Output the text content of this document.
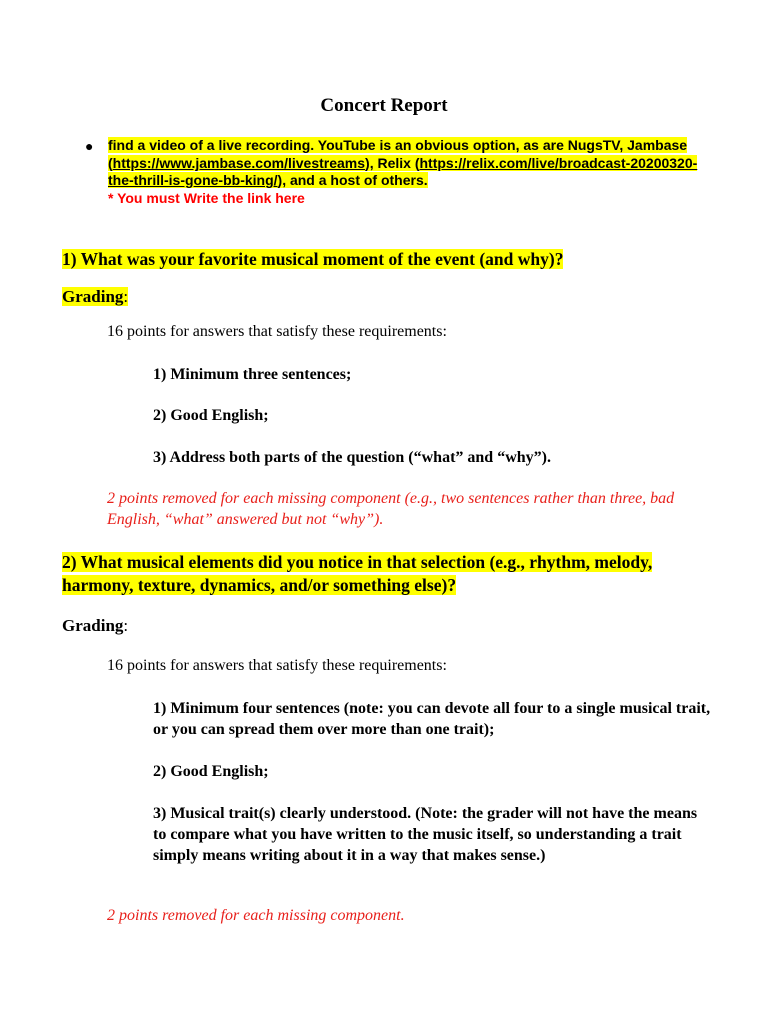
Concert Report
● find a video of a live recording. YouTube is an obvious option, as are NugsTV, Jambase (https://www.jambase.com/livestreams), Relix (https://relix.com/live/broadcast-20200320-the-thrill-is-gone-bb-king/), and a host of others.
* You must Write the link here
1) What was your favorite musical moment of the event (and why)?
Grading:
16 points for answers that satisfy these requirements:
1) Minimum three sentences;
2) Good English;
3) Address both parts of the question (“what” and “why”).
2 points removed for each missing component (e.g., two sentences rather than three, bad English, “what” answered but not “why”).
2) What musical elements did you notice in that selection (e.g., rhythm, melody, harmony, texture, dynamics, and/or something else)?
Grading:
16 points for answers that satisfy these requirements:
1) Minimum four sentences (note: you can devote all four to a single musical trait, or you can spread them over more than one trait);
2) Good English;
3) Musical trait(s) clearly understood. (Note: the grader will not have the means to compare what you have written to the music itself, so understanding a trait simply means writing about it in a way that makes sense.)
2 points removed for each missing component.
